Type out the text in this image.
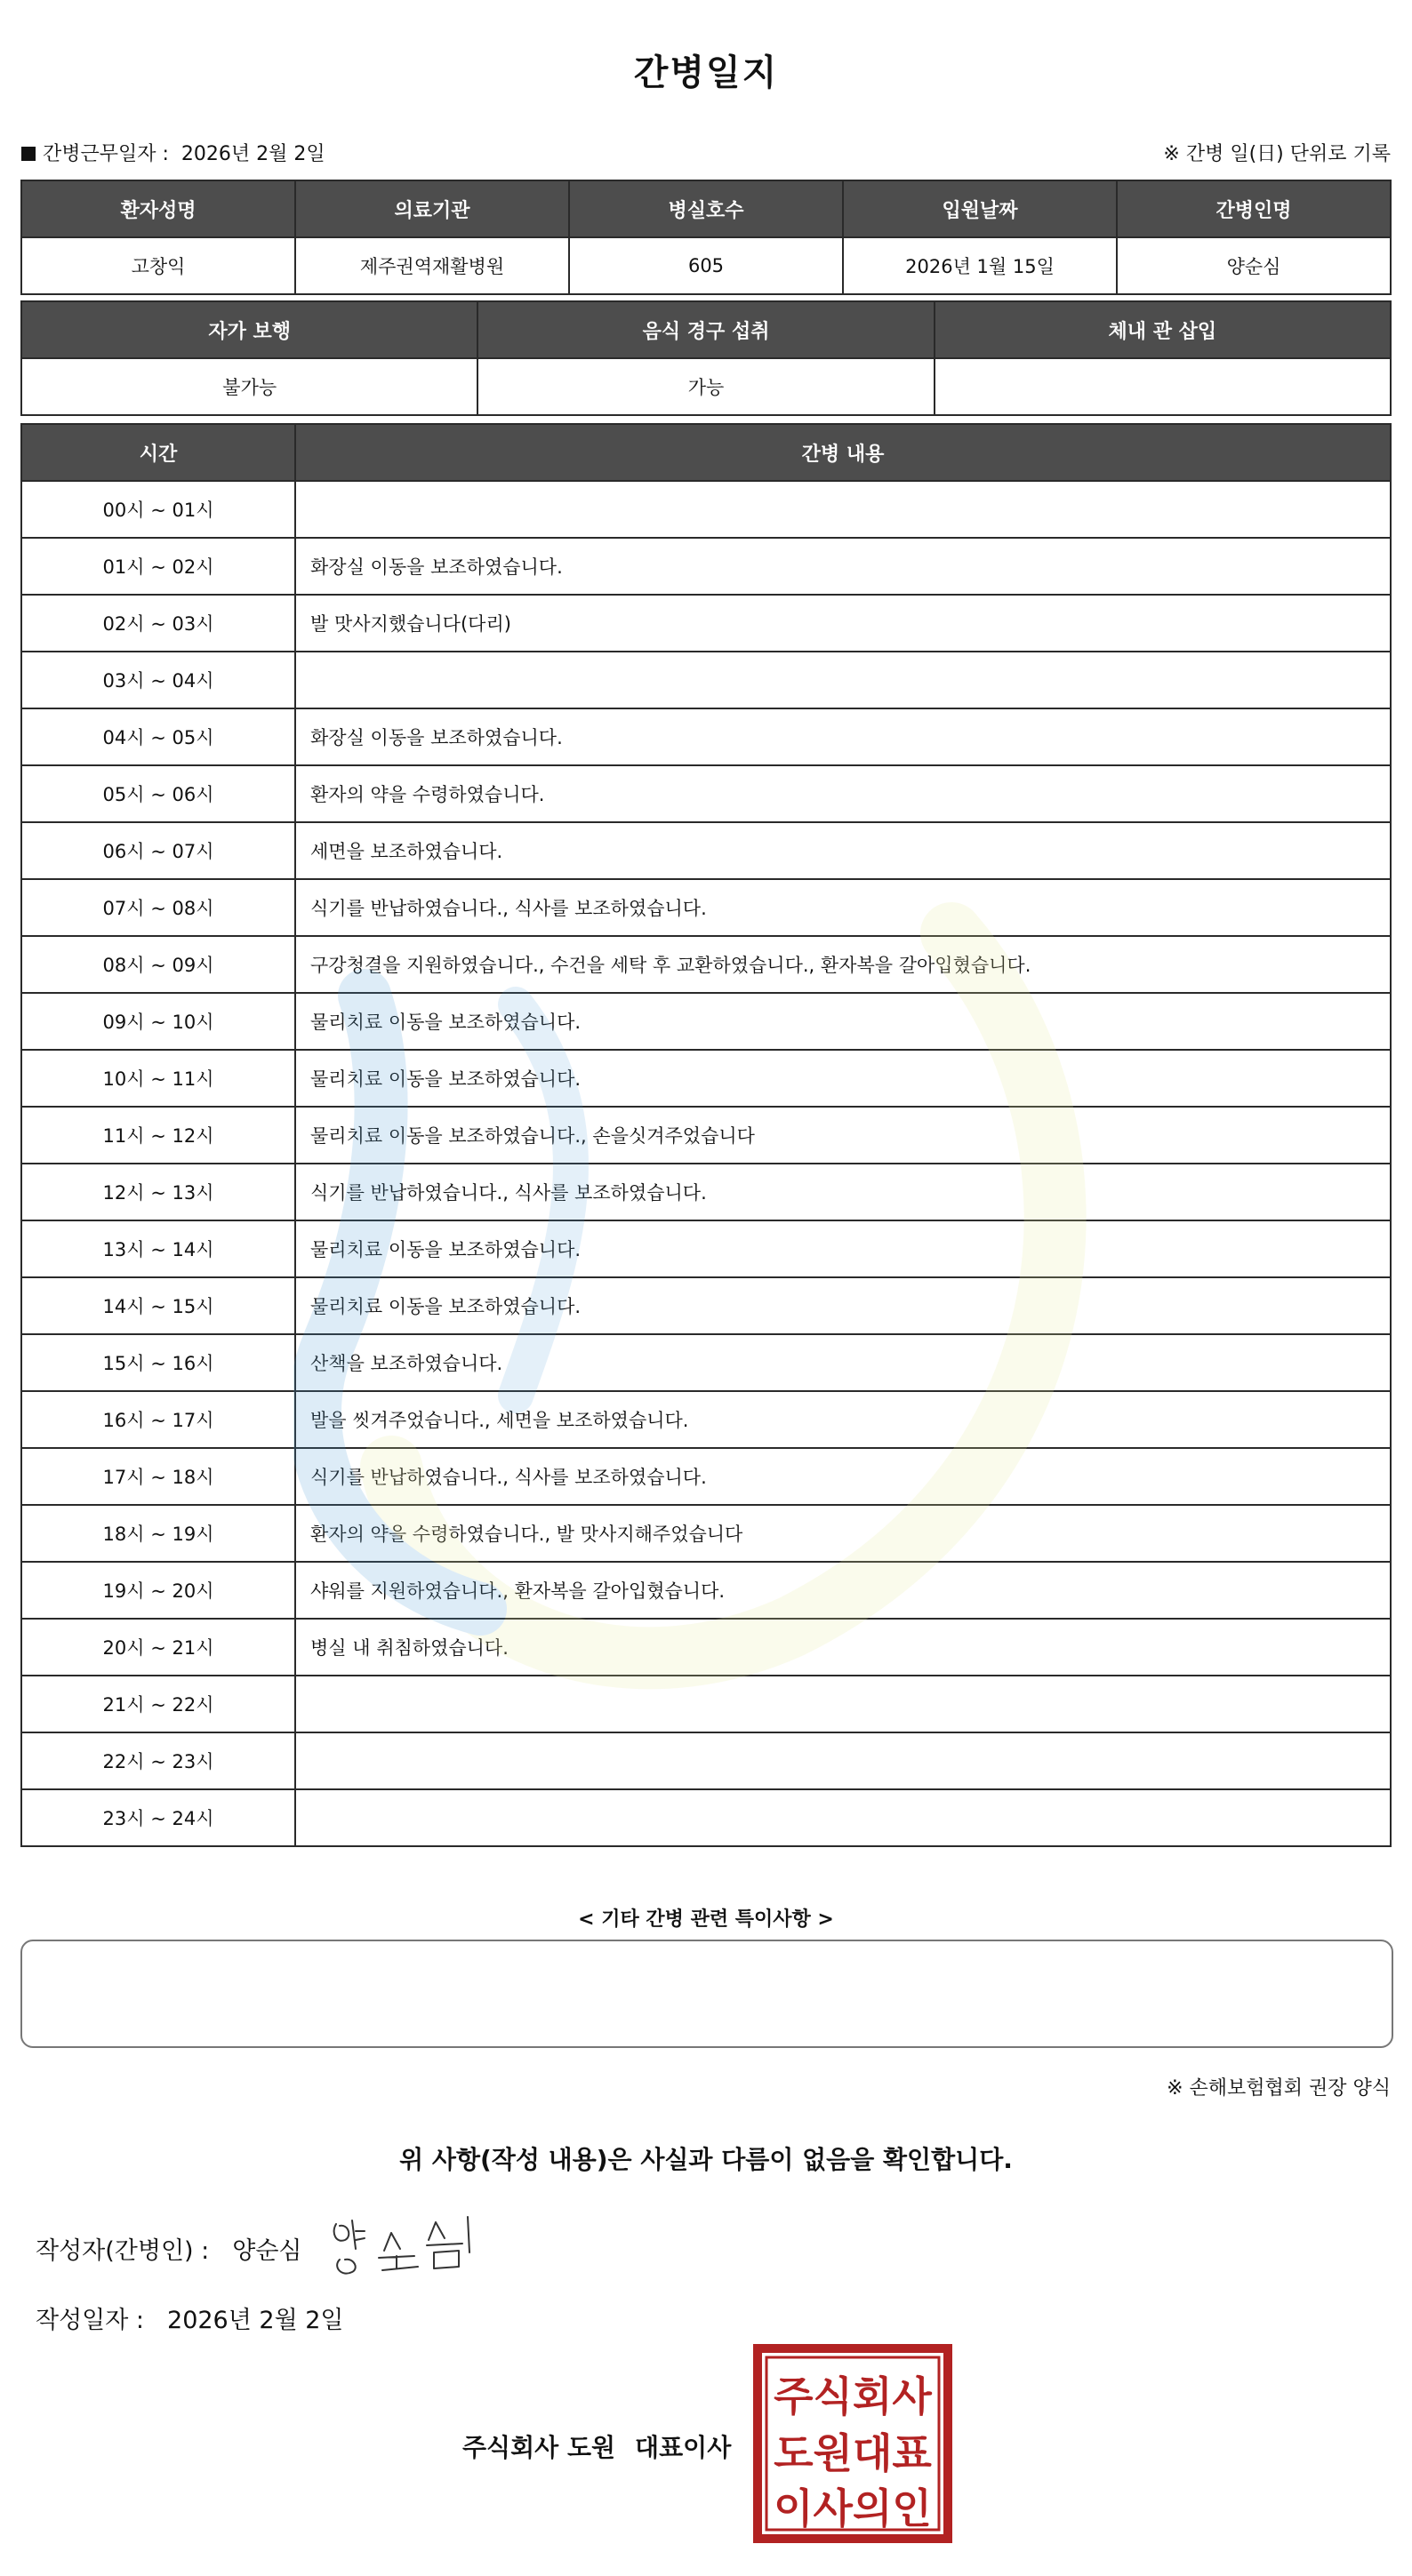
간병일지
간병근무일자 : 2026년 2월 2일	※ 간병 일(日) 단위로 기록
환자성명	의료기관	병실호수	입원날짜	간병인명
고창익	제주권역재활병원	605	2026년 1월 15일	양순심
자가 보행	음식 경구 섭취	체내 관 삽입
불가능	가능	
시간	간병 내용
00시 ~ 01시	
01시 ~ 02시	화장실 이동을 보조하였습니다.
02시 ~ 03시	발 맛사지했습니다(다리)
03시 ~ 04시	
04시 ~ 05시	화장실 이동을 보조하였습니다.
05시 ~ 06시	환자의 약을 수령하였습니다.
06시 ~ 07시	세면을 보조하였습니다.
07시 ~ 08시	식기를 반납하였습니다., 식사를 보조하였습니다.
08시 ~ 09시	구강청결을 지원하였습니다., 수건을 세탁 후 교환하였습니다., 환자복을 갈아입혔습니다.
09시 ~ 10시	물리치료 이동을 보조하였습니다.
10시 ~ 11시	물리치료 이동을 보조하였습니다.
11시 ~ 12시	물리치료 이동을 보조하였습니다., 손을싯겨주었습니다
12시 ~ 13시	식기를 반납하였습니다., 식사를 보조하였습니다.
13시 ~ 14시	물리치료 이동을 보조하였습니다.
14시 ~ 15시	물리치료 이동을 보조하였습니다.
15시 ~ 16시	산책을 보조하였습니다.
16시 ~ 17시	발을 씻겨주었습니다., 세면을 보조하였습니다.
17시 ~ 18시	식기를 반납하였습니다., 식사를 보조하였습니다.
18시 ~ 19시	환자의 약을 수령하였습니다., 발 맛사지해주었습니다
19시 ~ 20시	샤워를 지원하였습니다., 환자복을 갈아입혔습니다.
20시 ~ 21시	병실 내 취침하였습니다.
21시 ~ 22시	
22시 ~ 23시	
23시 ~ 24시	
< 기타 간병 관련 특이사항 >
※ 손해보험협회 권장 양식
위 사항(작성 내용)은 사실과 다름이 없음을 확인합니다.
작성자(간병인) : 양순심
작성일자 : 2026년 2월 2일
주식회사 도원 대표이사
주식회사
도원대표
이사의인
